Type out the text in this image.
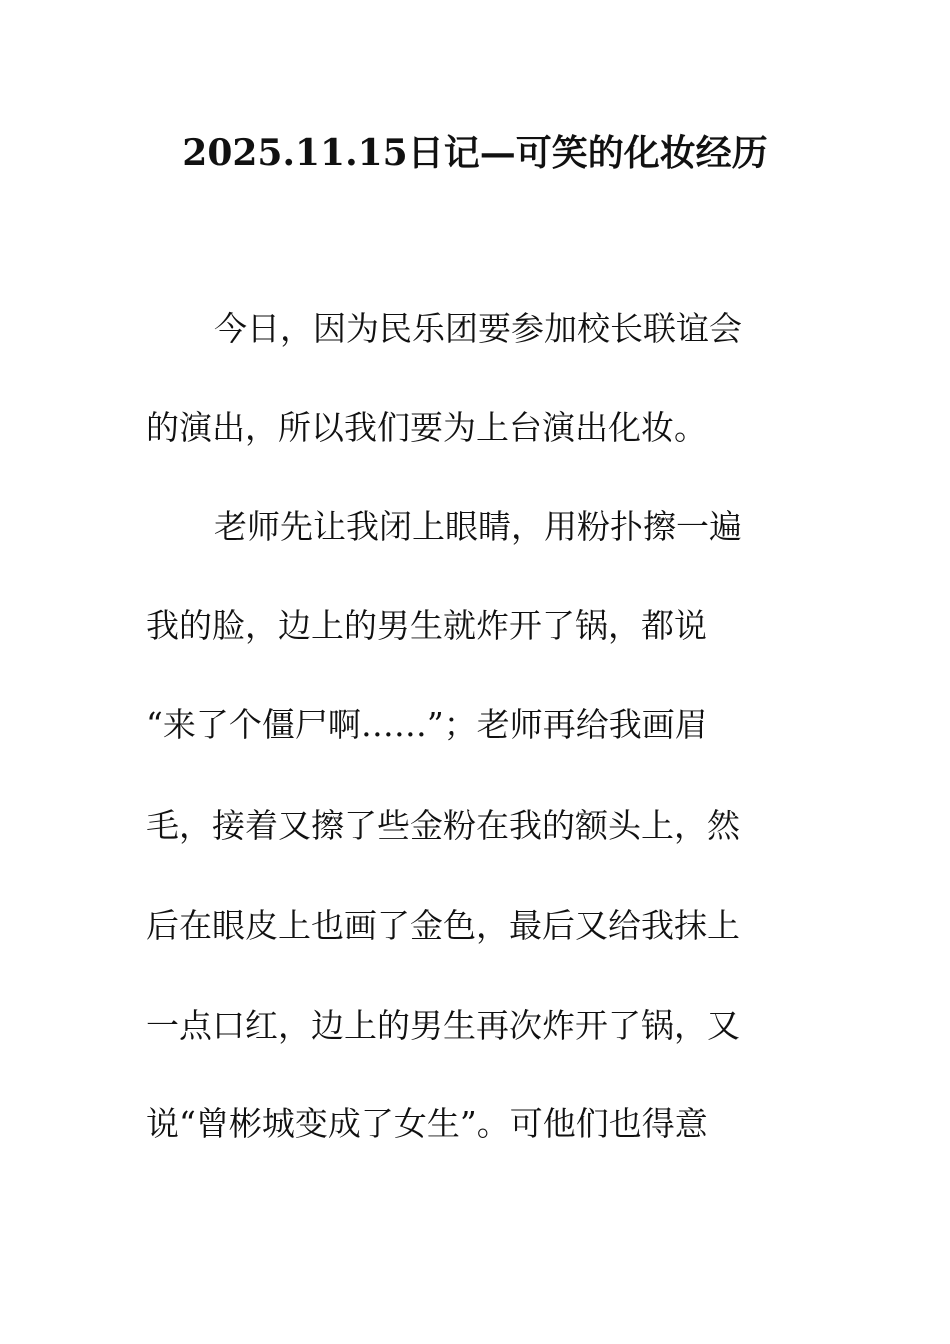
2025.11.15日记—可笑的化妆经历
今日，因为民乐团要参加校长联谊会
的演出，所以我们要为上台演出化妆。
老师先让我闭上眼睛，用粉扑擦一遍
我的脸，边上的男生就炸开了锅，都说
“来了个僵尸啊……”；老师再给我画眉
毛，接着又擦了些金粉在我的额头上，然
后在眼皮上也画了金色，最后又给我抹上
一点口红，边上的男生再次炸开了锅，又
说“曾彬城变成了女生”。可他们也得意
